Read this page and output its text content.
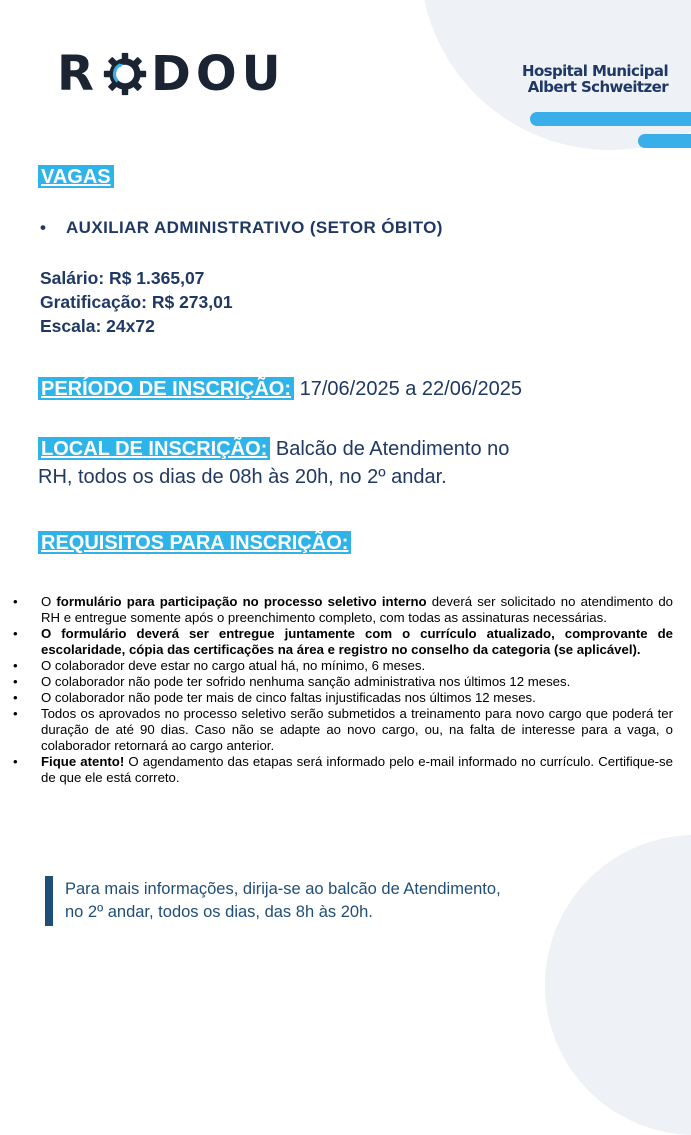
R DOU	Hospital Municipal
Albert Schweitzer
VAGAS
• AUXILIAR ADMINISTRATIVO (SETOR ÓBITO)
Salário: R$ 1.365,07
Gratificação: R$ 273,01
Escala: 24x72
PERÍODO DE INSCRIÇÃO: 17/06/2025 a 22/06/2025
LOCAL DE INSCRIÇÃO: Balcão de Atendimento no
RH, todos os dias de 08h às 20h, no 2º andar.
REQUISITOS PARA INSCRIÇÃO:
• O formulário para participação no processo seletivo interno deverá ser solicitado no atendimento do RH e entregue somente após o preenchimento completo, com todas as assinaturas necessárias.
• O formulário deverá ser entregue juntamente com o currículo atualizado, comprovante de escolaridade, cópia das certificações na área e registro no conselho da categoria (se aplicável).
• O colaborador deve estar no cargo atual há, no mínimo, 6 meses.
• O colaborador não pode ter sofrido nenhuma sanção administrativa nos últimos 12 meses.
• O colaborador não pode ter mais de cinco faltas injustificadas nos últimos 12 meses.
• Todos os aprovados no processo seletivo serão submetidos a treinamento para novo cargo que poderá ter duração de até 90 dias. Caso não se adapte ao novo cargo, ou, na falta de interesse para a vaga, o colaborador retornará ao cargo anterior.
• Fique atento! O agendamento das etapas será informado pelo e-mail informado no currículo. Certifique-se de que ele está correto.
Para mais informações, dirija-se ao balcão de Atendimento,
no 2º andar, todos os dias, das 8h às 20h.
